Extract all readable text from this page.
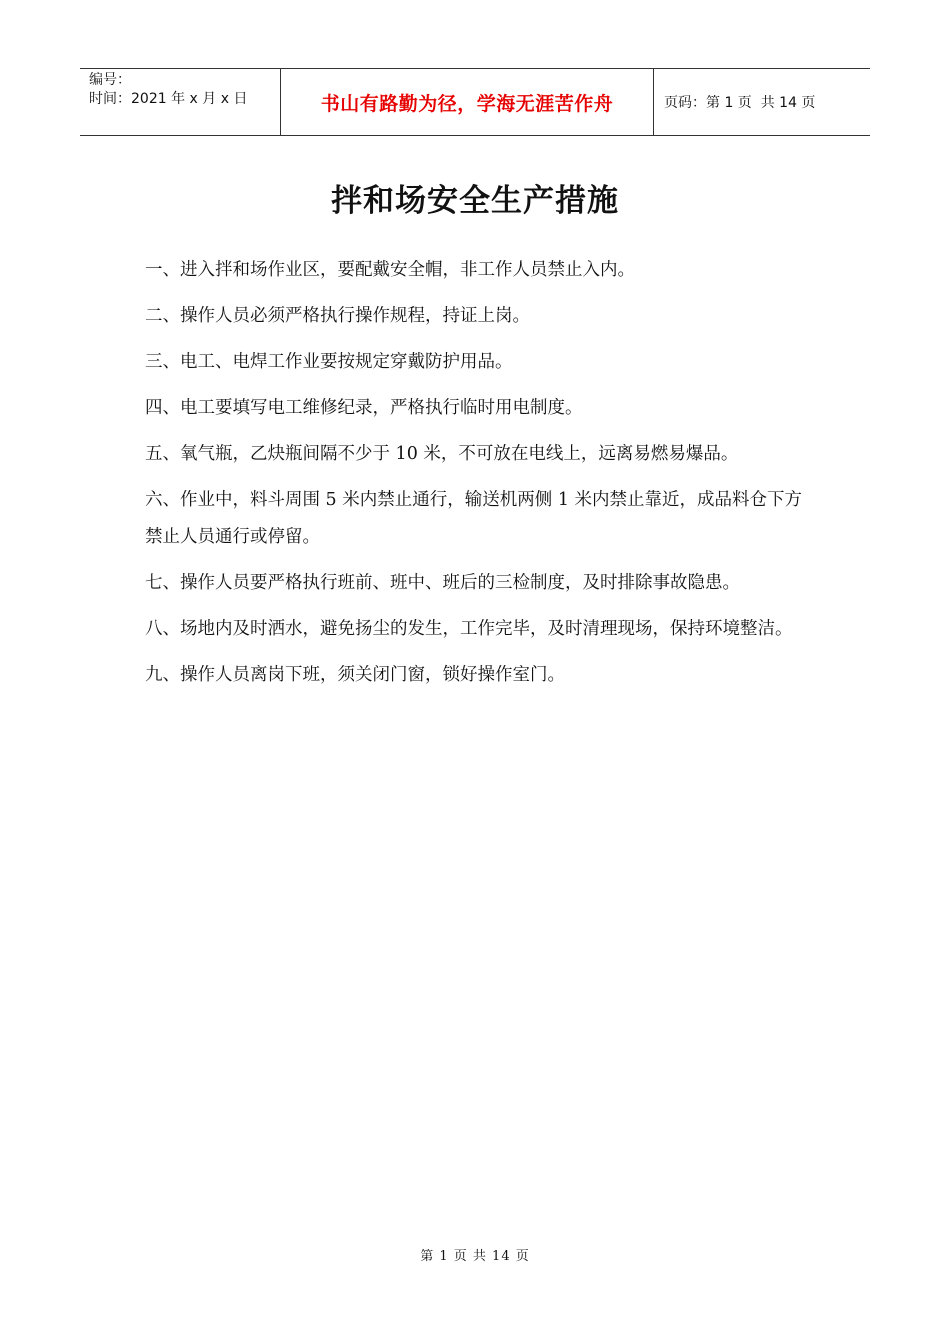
编号：
时间：2021 年 x 月 x 日	书山有路勤为径，学海无涯苦作舟	页码：第 1 页  共 14 页
拌和场安全生产措施
一、进入拌和场作业区，要配戴安全帽，非工作人员禁止入内。
二、操作人员必须严格执行操作规程，持证上岗。
三、电工、电焊工作业要按规定穿戴防护用品。
四、电工要填写电工维修纪录，严格执行临时用电制度。
五、氧气瓶，乙炔瓶间隔不少于 10 米，不可放在电线上，远离易燃易爆品。
六、作业中，料斗周围 5 米内禁止通行，输送机两侧 1 米内禁止靠近，成品料仓下方禁止人员通行或停留。
七、操作人员要严格执行班前、班中、班后的三检制度，及时排除事故隐患。
八、场地内及时洒水，避免扬尘的发生，工作完毕，及时清理现场，保持环境整洁。
九、操作人员离岗下班，须关闭门窗，锁好操作室门。
第 1 页 共 14 页
